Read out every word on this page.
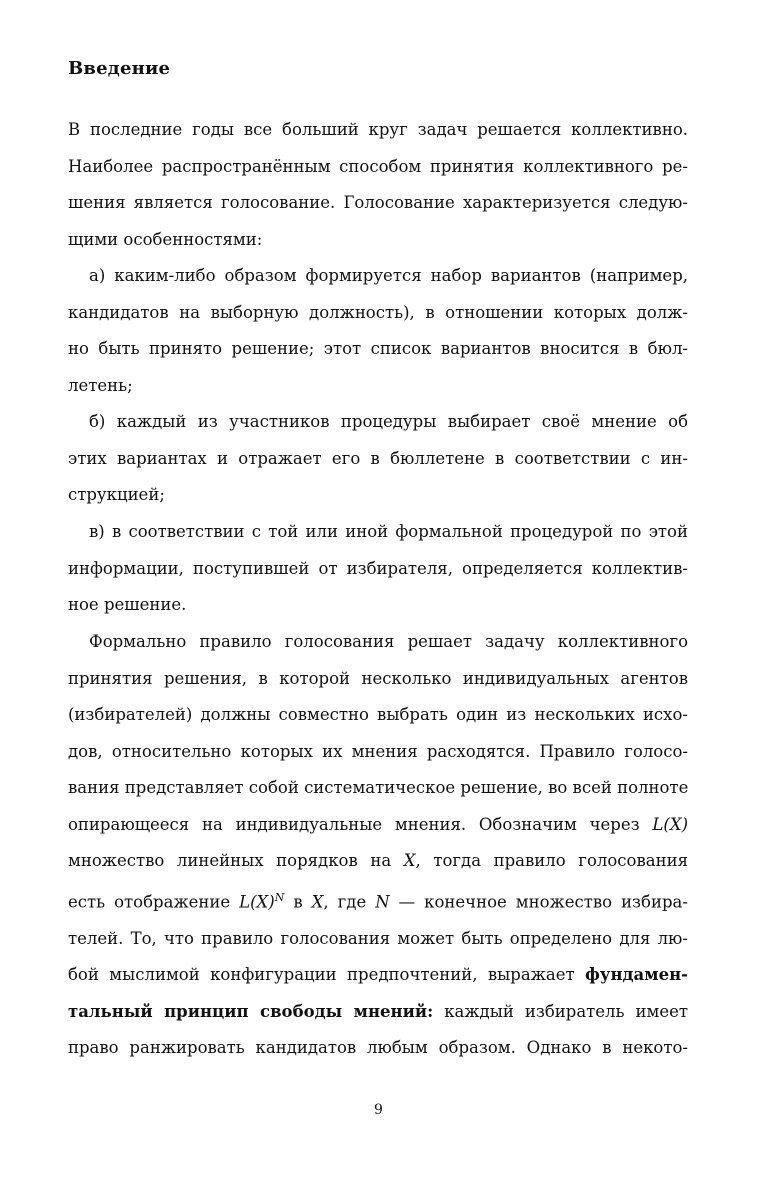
Введение
В последние годы все больший круг задач решается коллективно.
Наиболее распространённым способом принятия коллективного ре-
шения является голосование. Голосование характеризуется следую-
щими особенностями:
а) каким-либо образом формируется набор вариантов (например,
кандидатов на выборную должность), в отношении которых долж-
но быть принято решение; этот список вариантов вносится в бюл-
летень;
б) каждый из участников процедуры выбирает своё мнение об
этих вариантах и отражает его в бюллетене в соответствии с ин-
струкцией;
в) в соответствии с той или иной формальной процедурой по этой
информации, поступившей от избирателя, определяется коллектив-
ное решение.
Формально правило голосования решает задачу коллективного
принятия решения, в которой несколько индивидуальных агентов
(избирателей) должны совместно выбрать один из нескольких исхо-
дов, относительно которых их мнения расходятся. Правило голосо-
вания представляет собой систематическое решение, во всей полноте
опирающееся на индивидуальные мнения. Обозначим через L(X)
множество линейных порядков на X, тогда правило голосования
есть отображение $L(X)^N$ в X, где N — конечное множество избира-
телей. То, что правило голосования может быть определено для лю-
бой мыслимой конфигурации предпочтений, выражает фундамен-
тальный принцип свободы мнений: каждый избиратель имеет
право ранжировать кандидатов любым образом. Однако в некото-
9
